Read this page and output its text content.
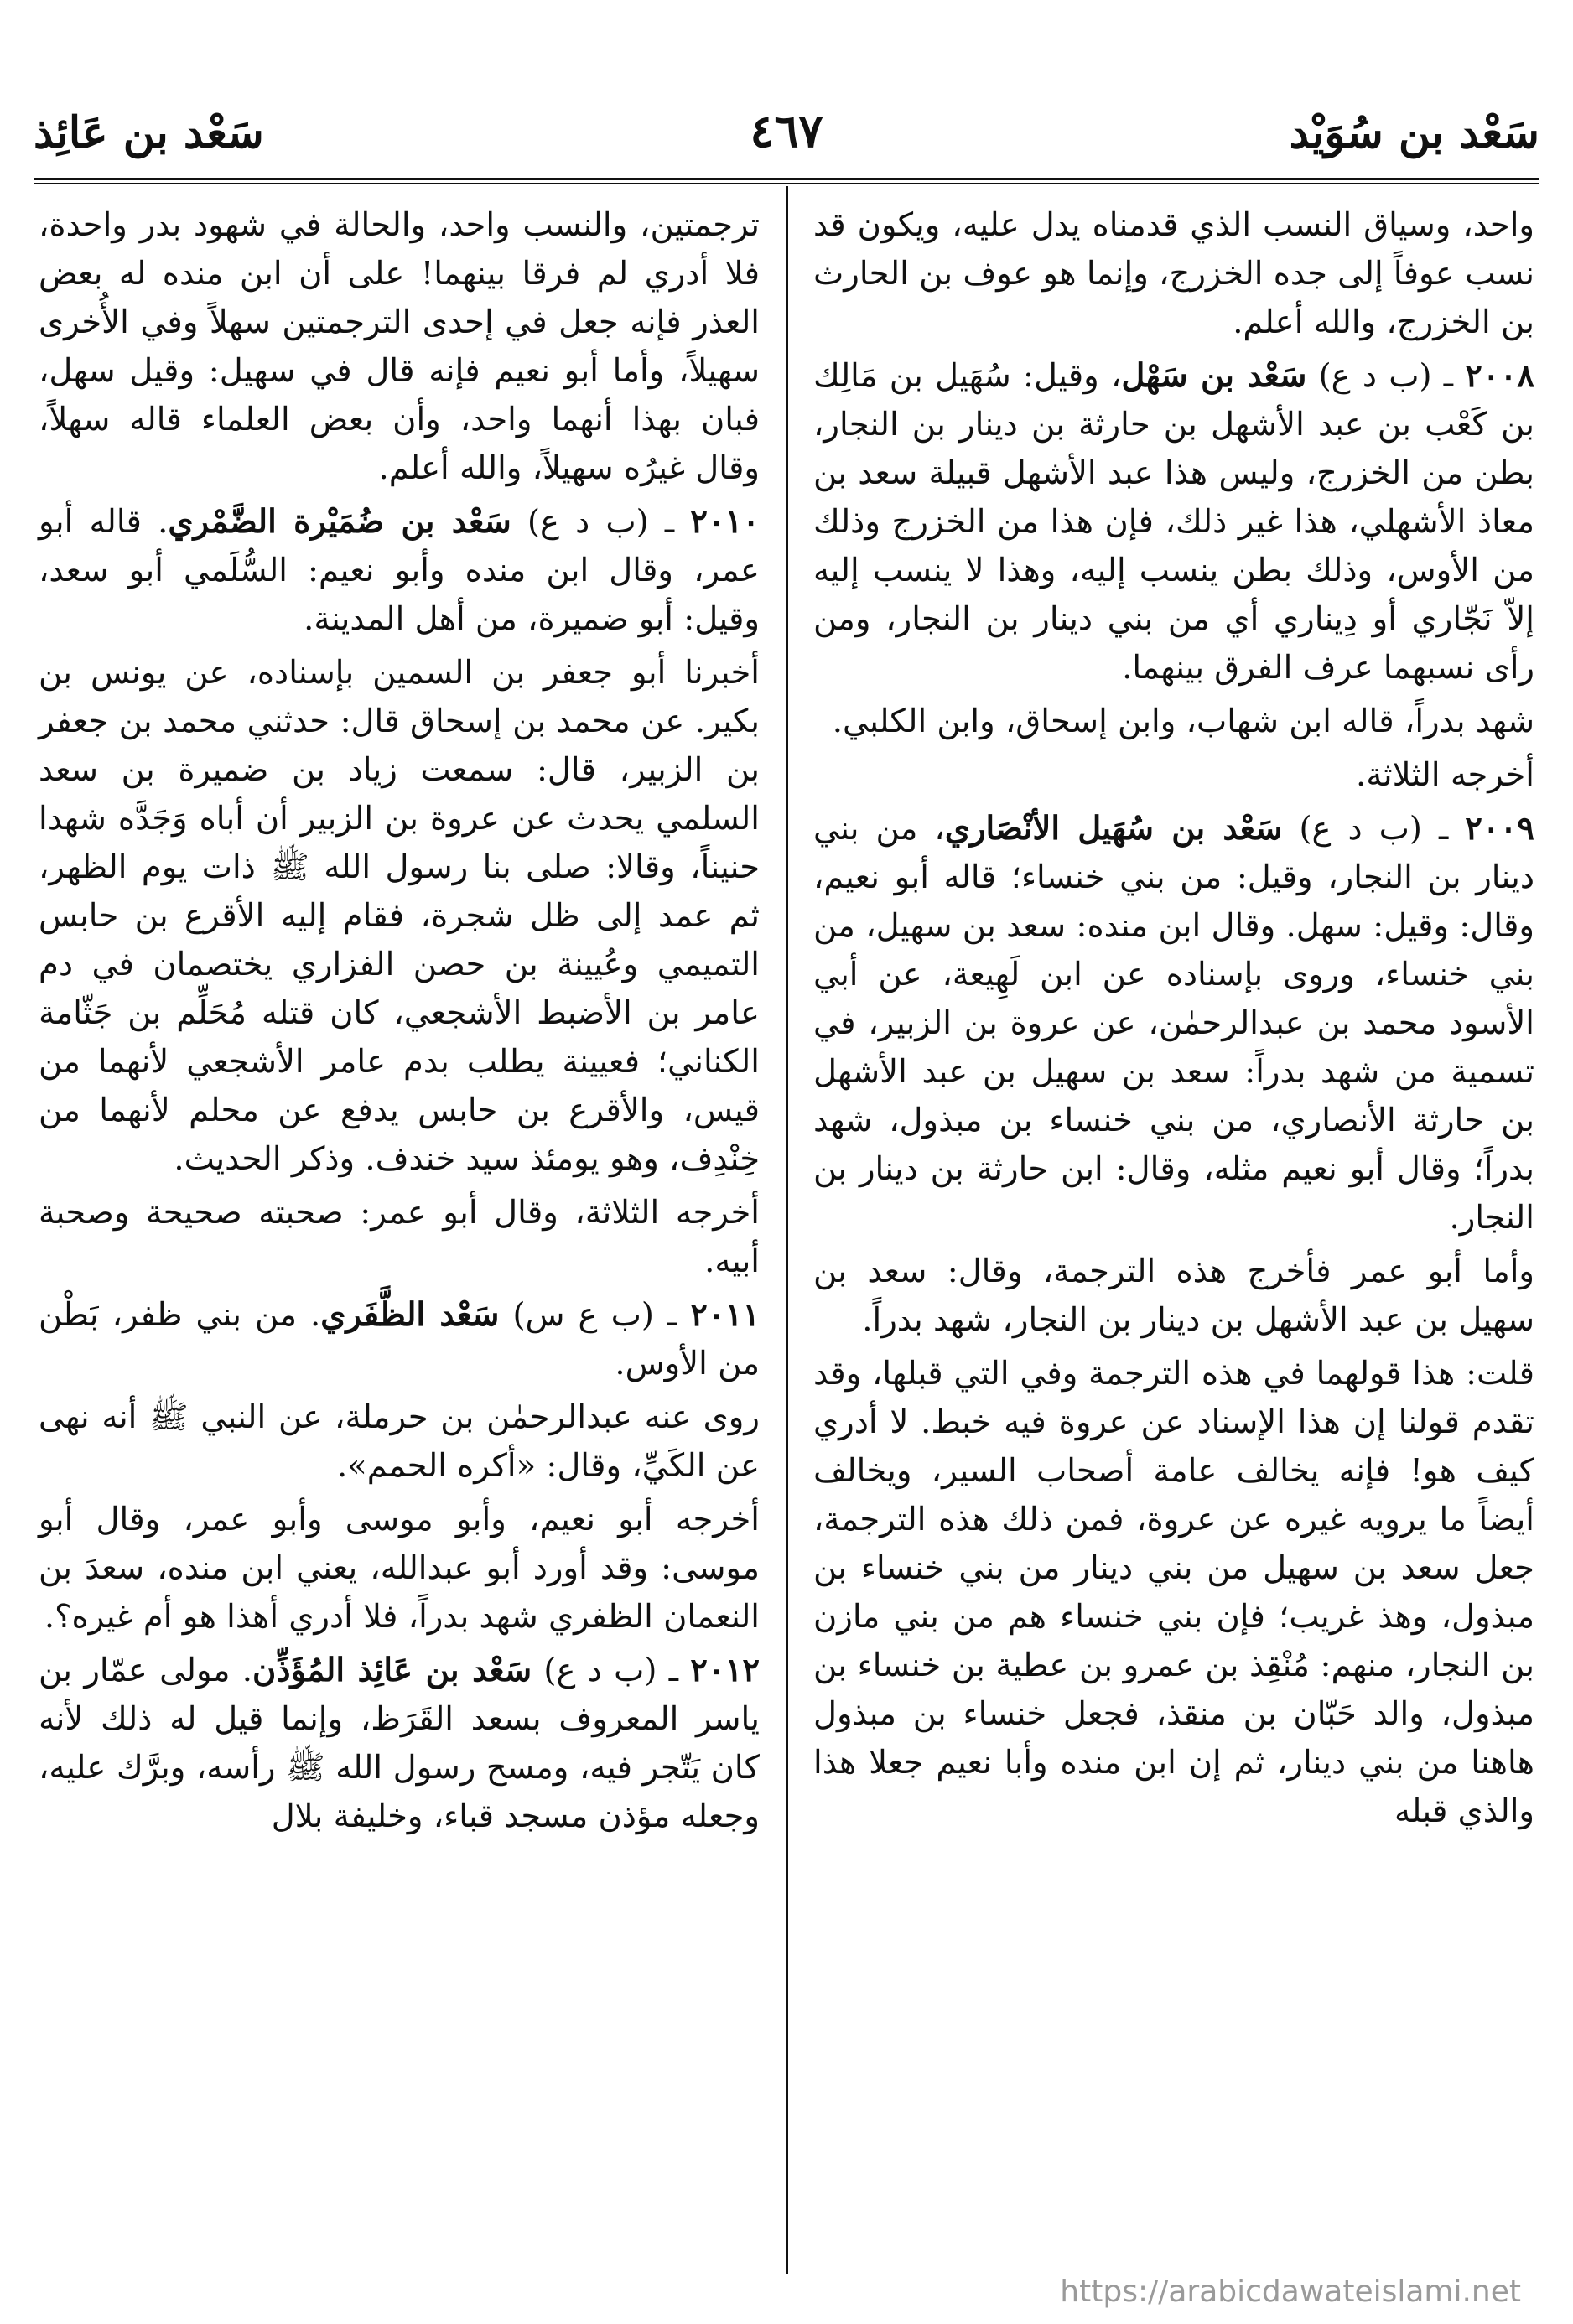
سَعْد بن سُوَيْد
٤٦٧
سَعْد بن عَائِذ

واحد، وسياق النسب الذي قدمناه يدل عليه، ويكون قد نسب عوفاً إلى جده الخزرج، وإنما هو عوف بن الحارث بن الخزرج، والله أعلم.

٢٠٠٨ ـ (ب د ع) سَعْد بن سَهْل، وقيل: سُهَيل بن مَالِك بن كَعْب بن عبد الأشهل بن حارثة بن دينار بن النجار، بطن من الخزرج، وليس هذا عبد الأشهل قبيلة سعد بن معاذ الأشهلي، هذا غير ذلك، فإن هذا من الخزرج وذلك من الأوس، وذلك بطن ينسب إليه، وهذا لا ينسب إليه إلاّ نَجّاري أو دِيناري أي من بني دينار بن النجار، ومن رأى نسبهما عرف الفرق بينهما.

شهد بدراً، قاله ابن شهاب، وابن إسحاق، وابن الكلبي.

أخرجه الثلاثة.

٢٠٠٩ ـ (ب د ع) سَعْد بن سُهَيل الأنْصَاري، من بني دينار بن النجار، وقيل: من بني خنساء؛ قاله أبو نعيم، وقال: وقيل: سهل. وقال ابن منده: سعد بن سهيل، من بني خنساء، وروى بإسناده عن ابن لَهِيعة، عن أبي الأسود محمد بن عبدالرحمٰن، عن عروة بن الزبير، في تسمية من شهد بدراً: سعد بن سهيل بن عبد الأشهل بن حارثة الأنصاري، من بني خنساء بن مبذول، شهد بدراً؛ وقال أبو نعيم مثله، وقال: ابن حارثة بن دينار بن النجار.

وأما أبو عمر فأخرج هذه الترجمة، وقال: سعد بن سهيل بن عبد الأشهل بن دينار بن النجار، شهد بدراً.

قلت: هذا قولهما في هذه الترجمة وفي التي قبلها، وقد تقدم قولنا إن هذا الإسناد عن عروة فيه خبط. لا أدري كيف هو! فإنه يخالف عامة أصحاب السير، ويخالف أيضاً ما يرويه غيره عن عروة، فمن ذلك هذه الترجمة، جعل سعد بن سهيل من بني دينار من بني خنساء بن مبذول، وهذ غريب؛ فإن بني خنساء هم من بني مازن بن النجار، منهم: مُنْقِذ بن عمرو بن عطية بن خنساء بن مبذول، والد حَبّان بن منقذ، فجعل خنساء بن مبذول هاهنا من بني دينار، ثم إن ابن منده وأبا نعيم جعلا هذا والذي قبله

ترجمتين، والنسب واحد، والحالة في شهود بدر واحدة، فلا أدري لم فرقا بينهما! على أن ابن منده له بعض العذر فإنه جعل في إحدى الترجمتين سهلاً وفي الأُخرى سهيلاً، وأما أبو نعيم فإنه قال في سهيل: وقيل سهل، فبان بهذا أنهما واحد، وأن بعض العلماء قاله سهلاً، وقال غيرُه سهيلاً، والله أعلم.

٢٠١٠ ـ (ب د ع) سَعْد بن ضُمَيْرة الضَّمْري. قاله أبو عمر، وقال ابن منده وأبو نعيم: السُّلَمي أبو سعد، وقيل: أبو ضميرة، من أهل المدينة.

أخبرنا أبو جعفر بن السمين بإسناده، عن يونس بن بكير. عن محمد بن إسحاق قال: حدثني محمد بن جعفر بن الزبير، قال: سمعت زياد بن ضميرة بن سعد السلمي يحدث عن عروة بن الزبير أن أباه وَجَدَّه شهدا حنيناً، وقالا: صلى بنا رسول الله ﷺ ذات يوم الظهر، ثم عمد إلى ظل شجرة، فقام إليه الأقرع بن حابس التميمي وعُيينة بن حصن الفزاري يختصمان في دم عامر بن الأضبط الأشجعي، كان قتله مُحَلِّم بن جَثّامة الكناني؛ فعيينة يطلب بدم عامر الأشجعي لأنهما من قيس، والأقرع بن حابس يدفع عن محلم لأنهما من خِنْدِف، وهو يومئذ سيد خندف. وذكر الحديث.

أخرجه الثلاثة، وقال أبو عمر: صحبته صحيحة وصحبة أبيه.

٢٠١١ ـ (ب ع س) سَعْد الظَّفَري. من بني ظفر، بَطْن من الأوس.

روى عنه عبدالرحمٰن بن حرملة، عن النبي ﷺ أنه نهى عن الكَيِّ، وقال: «أكره الحمم».

أخرجه أبو نعيم، وأبو موسى وأبو عمر، وقال أبو موسى: وقد أورد أبو عبدالله، يعني ابن منده، سعدَ بن النعمان الظفري شهد بدراً، فلا أدري أهذا هو أم غيره؟.

٢٠١٢ ـ (ب د ع) سَعْد بن عَائِذ المُؤَذِّن. مولى عمّار بن ياسر المعروف بسعد القَرَظ، وإنما قيل له ذلك لأنه كان يَتّجر فيه، ومسح رسول الله ﷺ رأسه، وبرَّك عليه، وجعله مؤذن مسجد قباء، وخليفة بلال

https://arabicdawateislami.net
